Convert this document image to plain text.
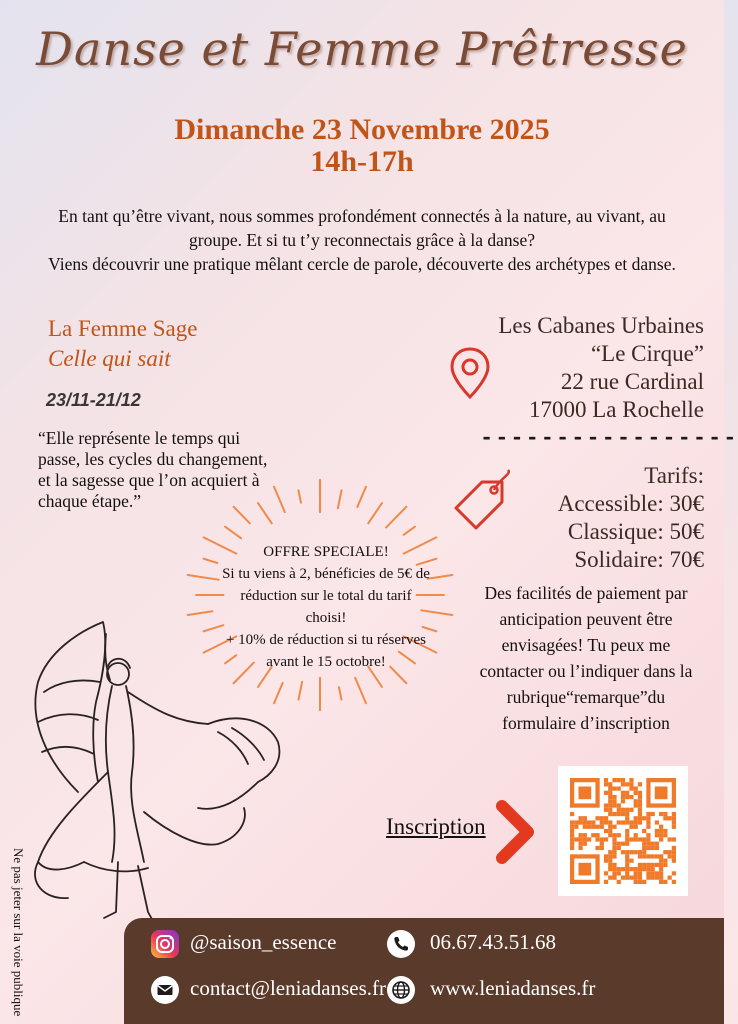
Danse et Femme Prêtresse
Dimanche 23 Novembre 2025
14h-17h
En tant qu’être vivant, nous sommes profondément connectés à la nature, au vivant, au
groupe. Et si tu t’y reconnectais grâce à la danse?
Viens découvrir une pratique mêlant cercle de parole, découverte des archétypes et danse.
La Femme Sage
Celle qui sait
23/11-21/12
“Elle représente le temps qui
passe, les cycles du changement,
et la sagesse que l’on acquiert à
chaque étape.”
Les Cabanes Urbaines
“Le Cirque”
22 rue Cardinal
17000 La Rochelle
-----------------
Tarifs:
Accessible: 30€
Classique: 50€
Solidaire: 70€
Des facilités de paiement par
anticipation peuvent être
envisagées! Tu peux me
contacter ou l’indiquer dans la
rubrique“remarque”du
formulaire d’inscription
OFFRE SPECIALE!
Si tu viens à 2, bénéficies de 5€ de
réduction sur le total du tarif
choisi!
+ 10% de réduction si tu réserves
avant le 15 octobre!
Ne pas jeter sur la voie publique
Inscription
@saison_essence	06.67.43.51.68
contact@leniadanses.fr www.leniadanses.fr
